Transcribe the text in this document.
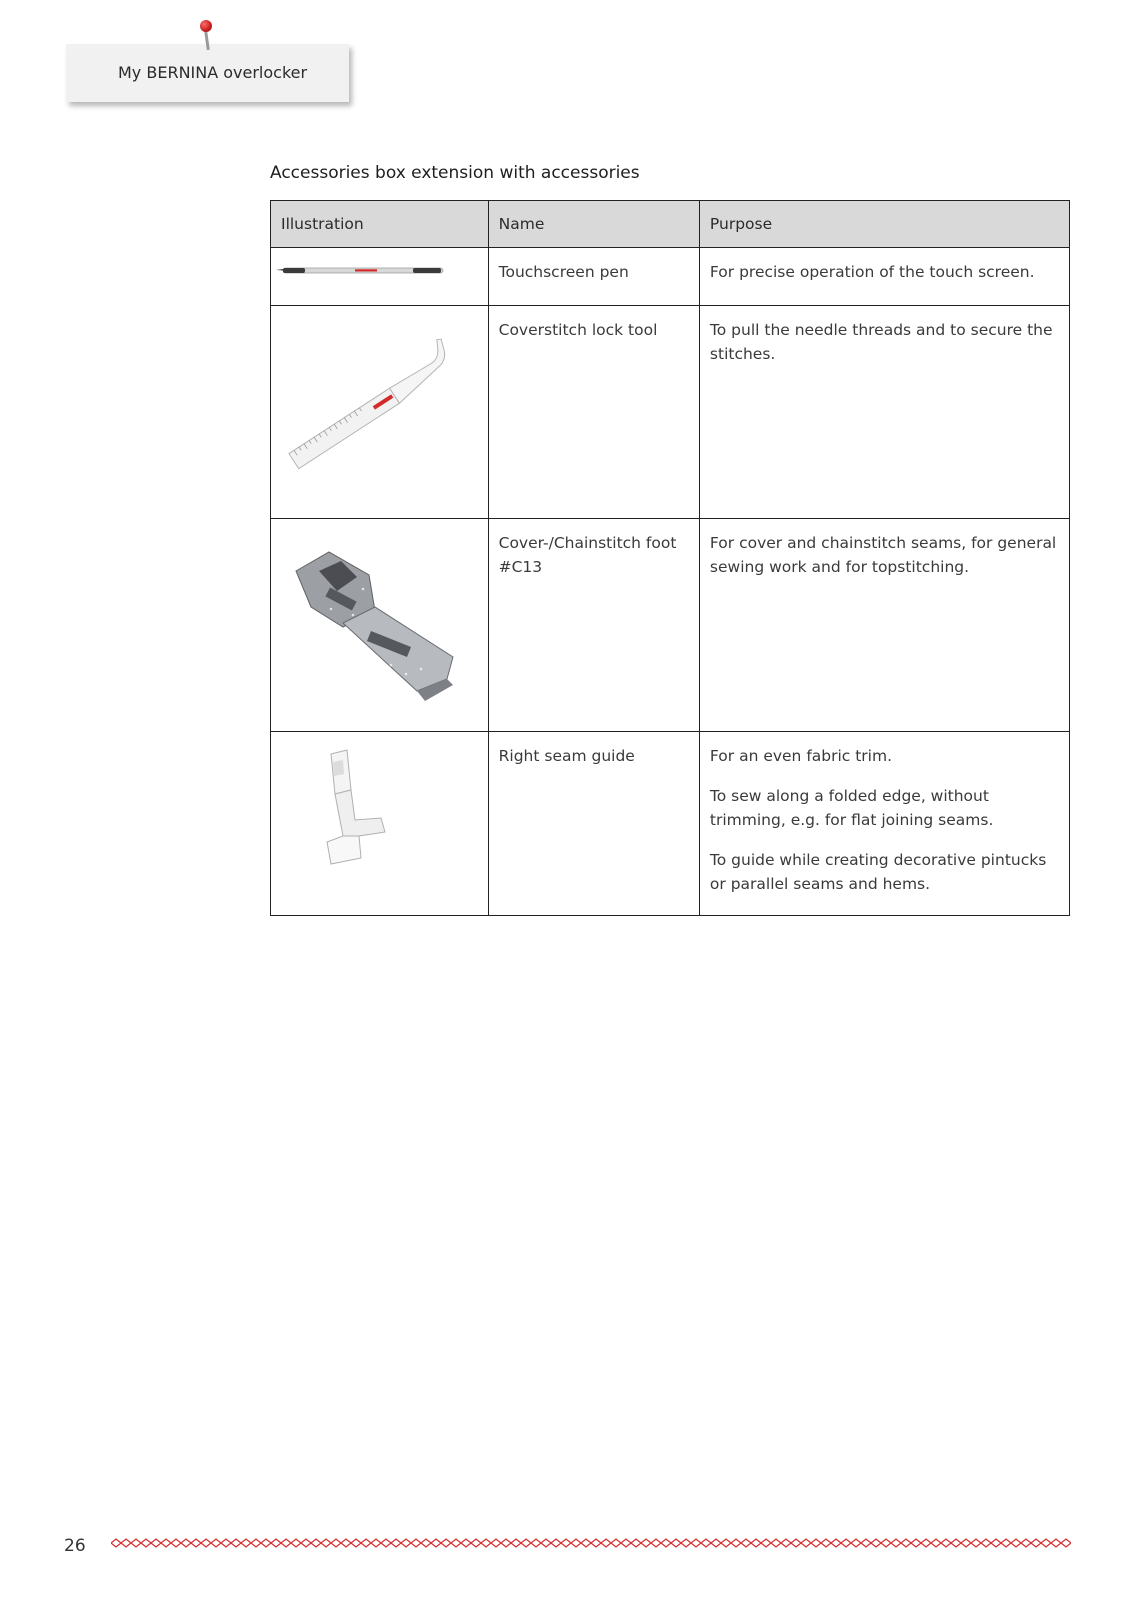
My BERNINA overlocker
Accessories box extension with accessories
Illustration	Name	Purpose
	Touchscreen pen	For precise operation of the touch screen.

	Coverstitch lock tool	To pull the needle threads and to secure the stitches.

	Cover-/Chainstitch foot #C13	For cover and chainstitch seams, for general sewing work and for topstitching.

	Right seam guide	For an even fabric trim.

To sew along a folded edge, without trimming, e.g. for flat joining seams.

To guide while creating decorative pintucks or parallel seams and hems.

26
